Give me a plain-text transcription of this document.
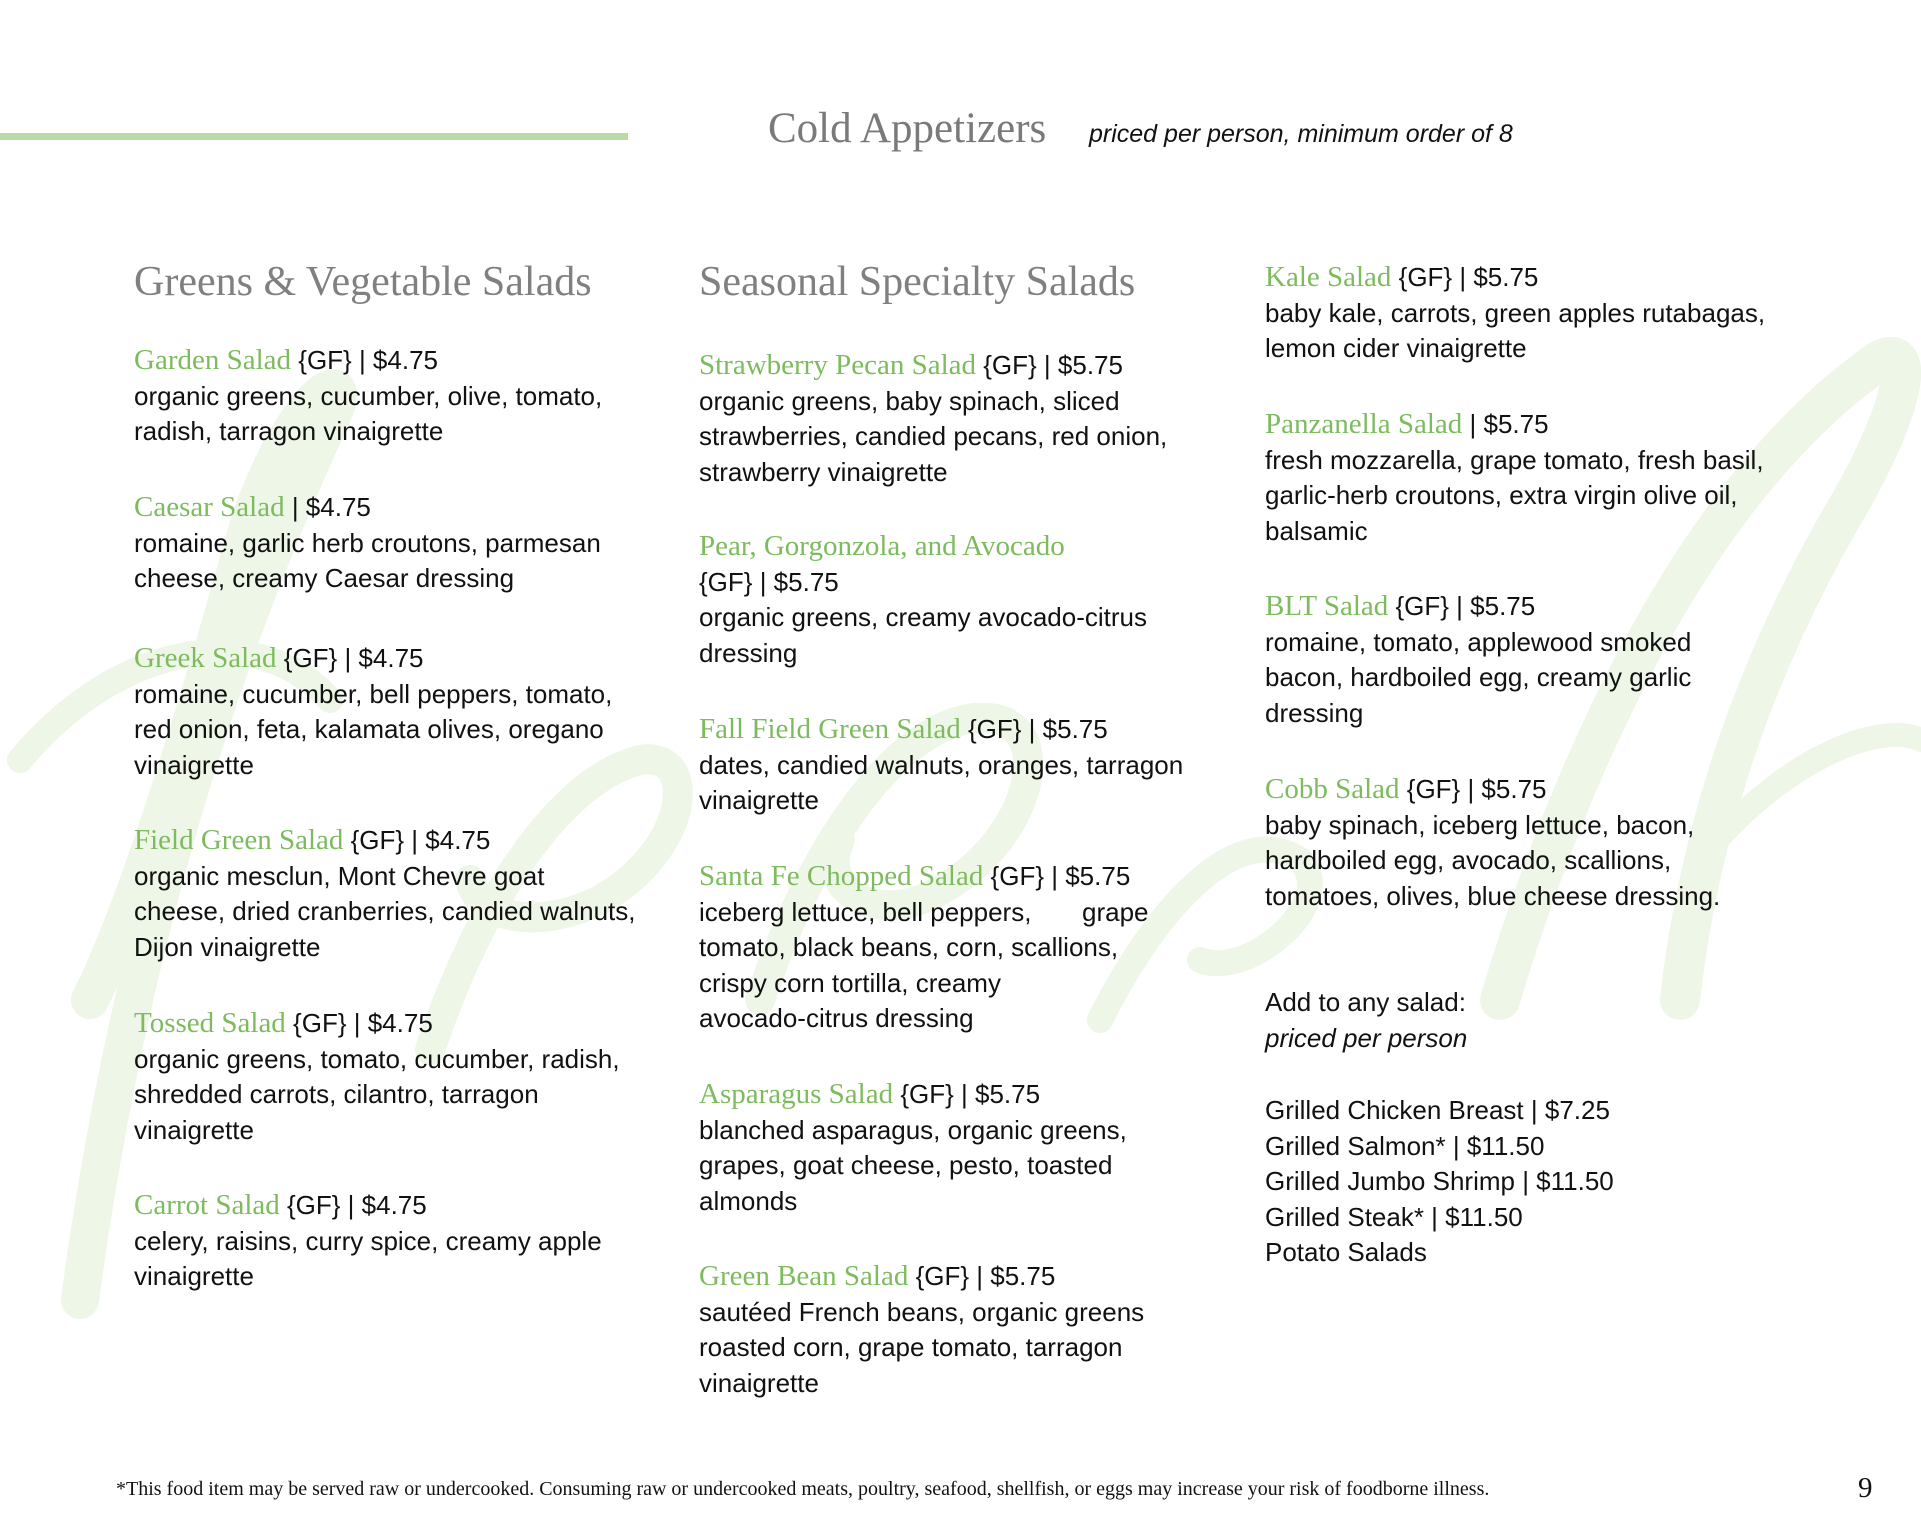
Cold Appetizers priced per person, minimum order of 8
Greens & Vegetable Salads	Seasonal Specialty Salads
Garden Salad {GF} | $4.75
organic greens, cucumber, olive, tomato,
radish, tarragon vinaigrette
Caesar Salad | $4.75
romaine, garlic herb croutons, parmesan
cheese, creamy Caesar dressing
Greek Salad {GF} | $4.75
romaine, cucumber, bell peppers, tomato,
red onion, feta, kalamata olives, oregano
vinaigrette
Field Green Salad {GF} | $4.75
organic mesclun, Mont Chevre goat
cheese, dried cranberries, candied walnuts,
Dijon vinaigrette
Tossed Salad {GF} | $4.75
organic greens, tomato, cucumber, radish,
shredded carrots, cilantro, tarragon
vinaigrette
Carrot Salad {GF} | $4.75
celery, raisins, curry spice, creamy apple
vinaigrette
Strawberry Pecan Salad {GF} | $5.75
organic greens, baby spinach, sliced
strawberries, candied pecans, red onion,
strawberry vinaigrette
Pear, Gorgonzola, and Avocado
{GF} | $5.75
organic greens, creamy avocado-citrus
dressing
Fall Field Green Salad {GF} | $5.75
dates, candied walnuts, oranges, tarragon
vinaigrette
Santa Fe Chopped Salad {GF} | $5.75
iceberg lettuce, bell peppers,       grape
tomato, black beans, corn, scallions,
crispy corn tortilla, creamy
avocado-citrus dressing
Asparagus Salad {GF} | $5.75
blanched asparagus, organic greens,
grapes, goat cheese, pesto, toasted
almonds
Green Bean Salad {GF} | $5.75
sautéed French beans, organic greens
roasted corn, grape tomato, tarragon
vinaigrette
Kale Salad {GF} | $5.75
baby kale, carrots, green apples rutabagas,
lemon cider vinaigrette
Panzanella Salad | $5.75
fresh mozzarella, grape tomato, fresh basil,
garlic-herb croutons, extra virgin olive oil,
balsamic
BLT Salad {GF} | $5.75
romaine, tomato, applewood smoked
bacon, hardboiled egg, creamy garlic
dressing
Cobb Salad {GF} | $5.75
baby spinach, iceberg lettuce, bacon,
hardboiled egg, avocado, scallions,
tomatoes, olives, blue cheese dressing.
Add to any salad:
priced per person
Grilled Chicken Breast | $7.25
Grilled Salmon* | $11.50
Grilled Jumbo Shrimp | $11.50
Grilled Steak* | $11.50
Potato Salads
*This food item may be served raw or undercooked. Consuming raw or undercooked meats, poultry, seafood, shellfish, or eggs may increase your risk of foodborne illness.	9
